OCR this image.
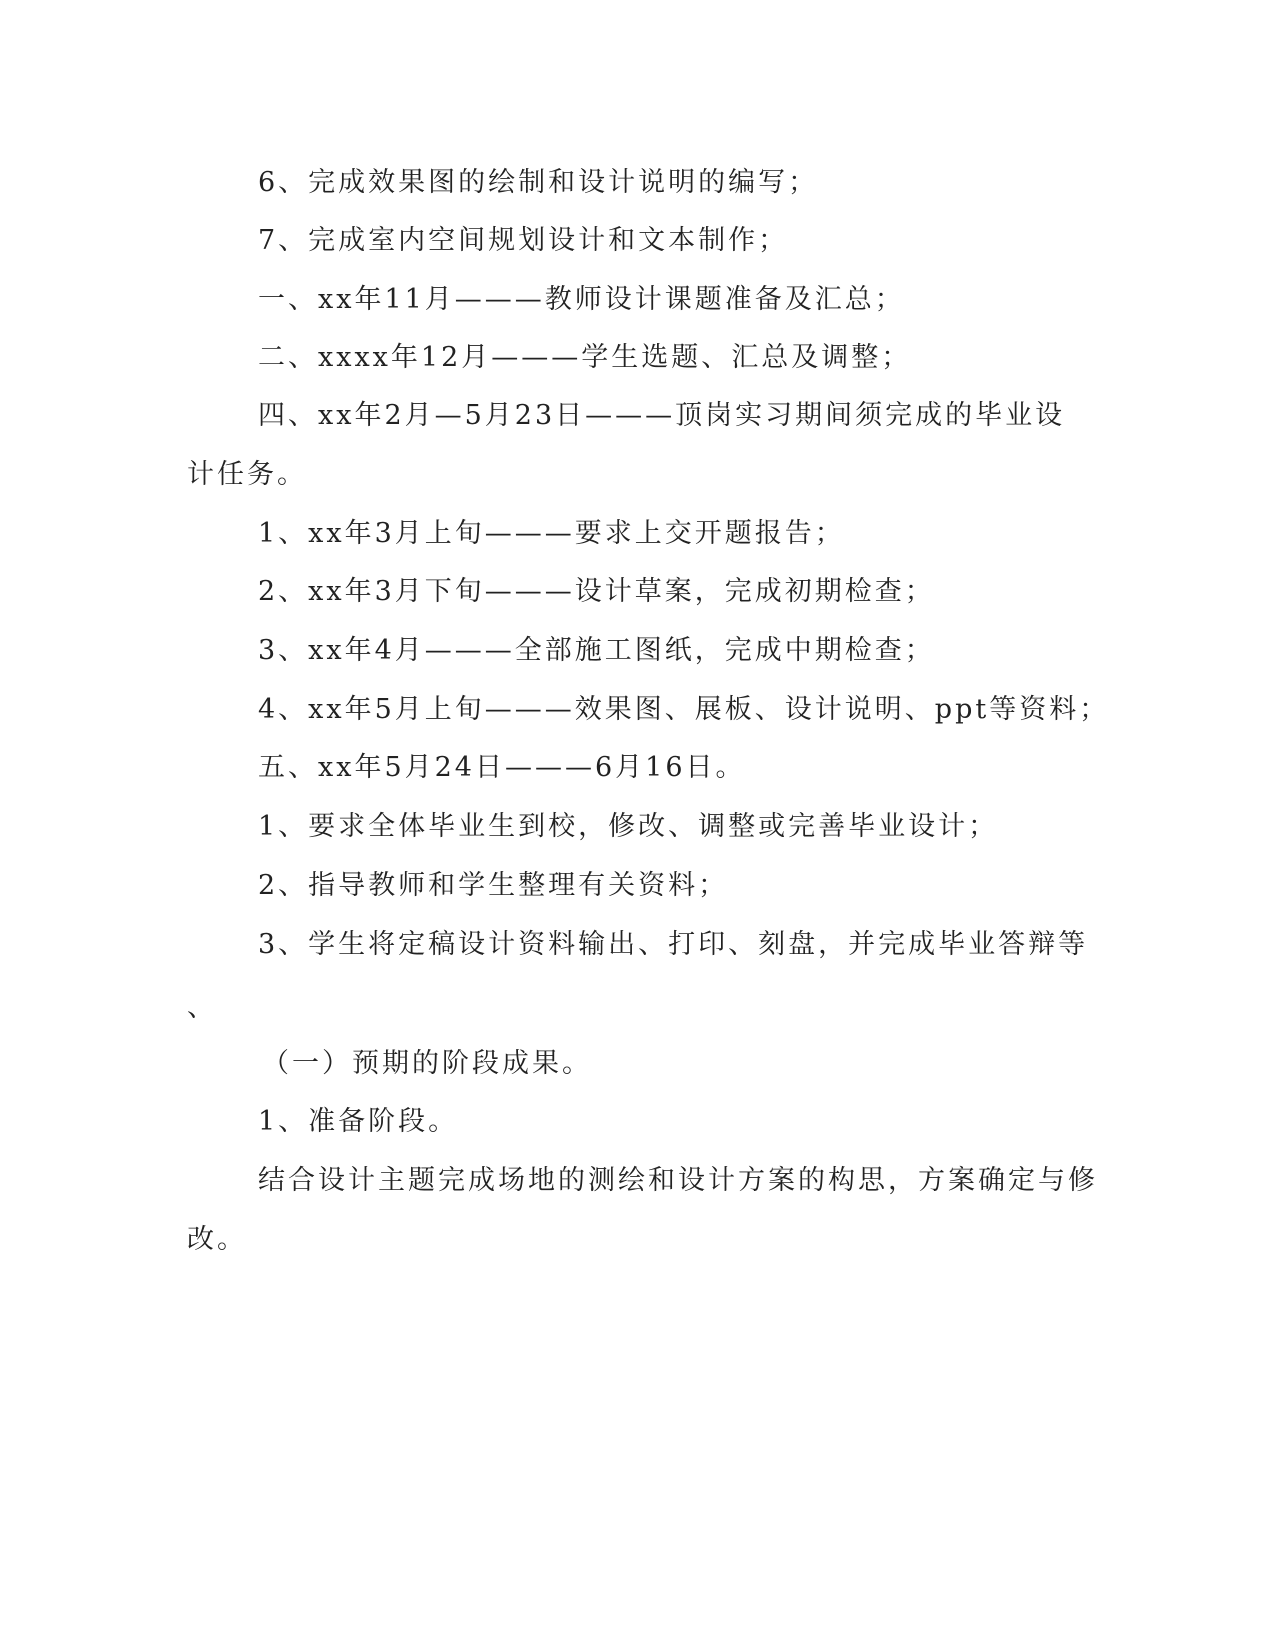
6、完成效果图的绘制和设计说明的编写；
7、完成室内空间规划设计和文本制作；
一、xx年11月———教师设计课题准备及汇总；
二、xxxx年12月———学生选题、汇总及调整；
四、xx年2月—5月23日———顶岗实习期间须完成的毕业设
计任务。
1、xx年3月上旬———要求上交开题报告；
2、xx年3月下旬———设计草案，完成初期检查；
3、xx年4月———全部施工图纸，完成中期检查；
4、xx年5月上旬———效果图、展板、设计说明、ppt等资料；
五、xx年5月24日———6月16日。
1、要求全体毕业生到校，修改、调整或完善毕业设计；
2、指导教师和学生整理有关资料；
3、学生将定稿设计资料输出、打印、刻盘，并完成毕业答辩等
、
（一）预期的阶段成果。
1、准备阶段。
结合设计主题完成场地的测绘和设计方案的构思，方案确定与修
改。
